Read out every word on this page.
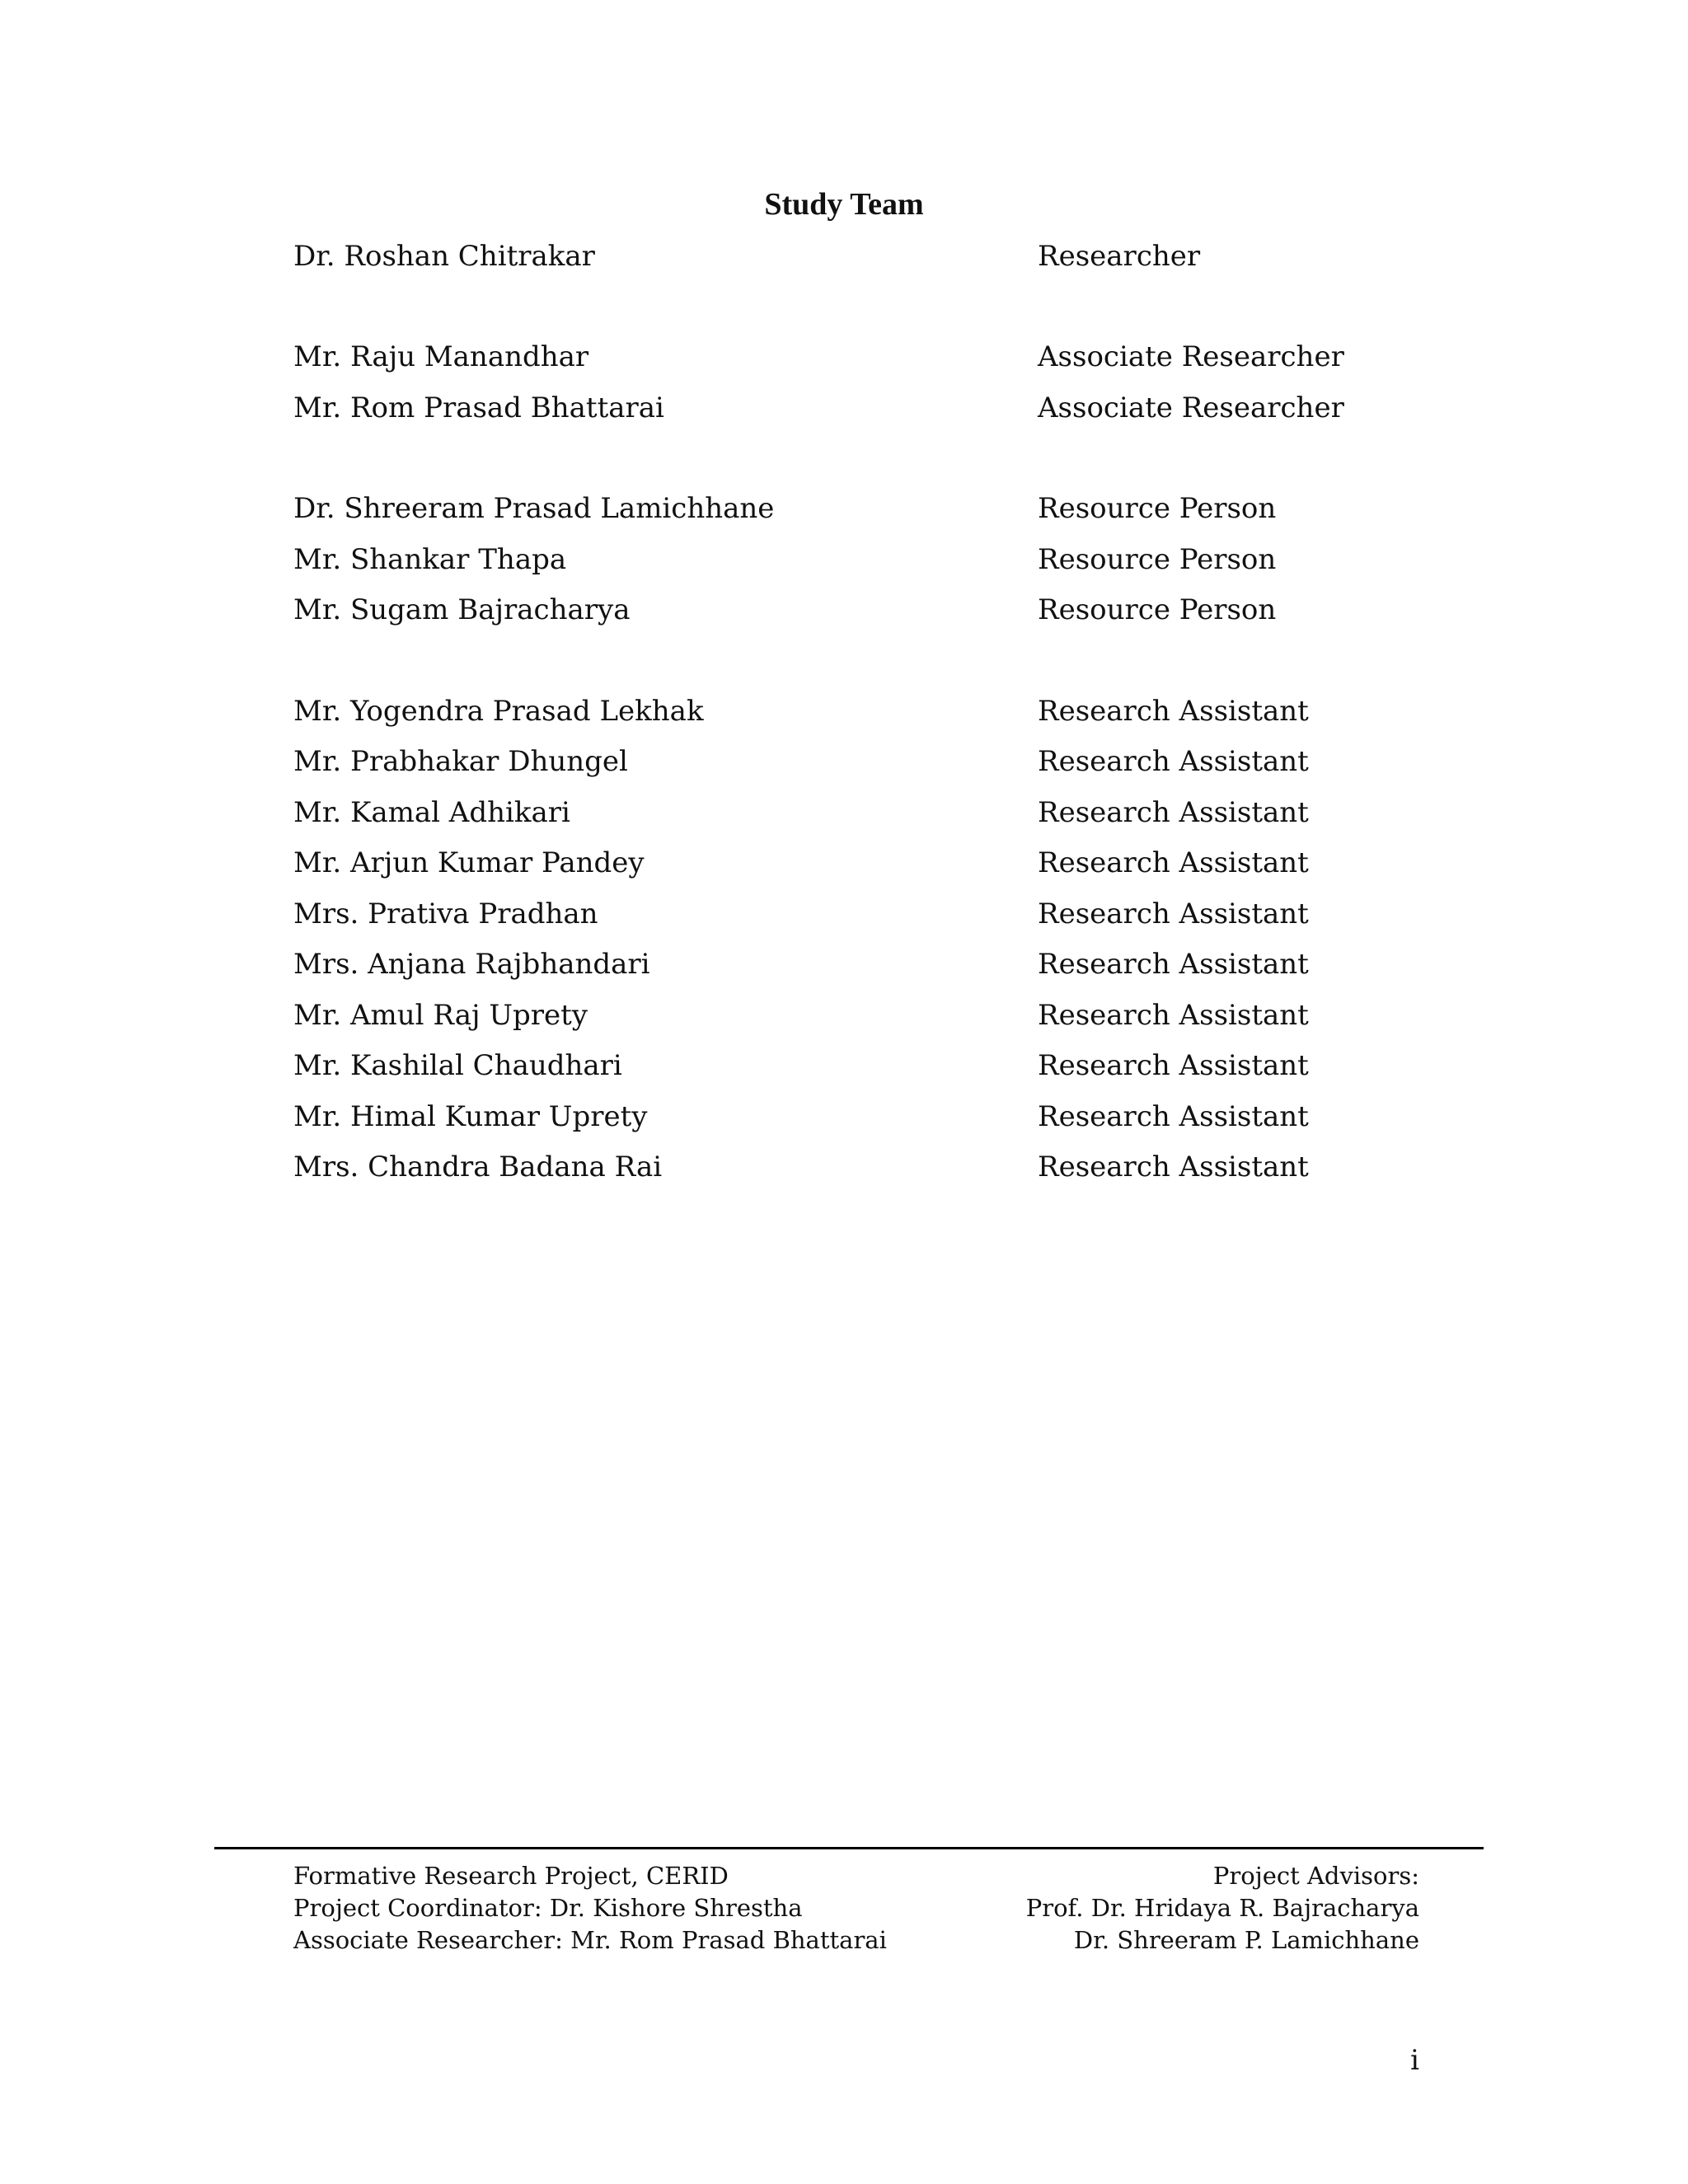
Study Team
Dr. Roshan Chitrakar	Researcher
Mr. Raju Manandhar	Associate Researcher
Mr. Rom Prasad Bhattarai	Associate Researcher
Dr. Shreeram Prasad Lamichhane	Resource Person
Mr. Shankar Thapa	Resource Person
Mr. Sugam Bajracharya	Resource Person
Mr. Yogendra Prasad Lekhak	Research Assistant
Mr. Prabhakar Dhungel	Research Assistant
Mr. Kamal Adhikari	Research Assistant
Mr. Arjun Kumar Pandey	Research Assistant
Mrs. Prativa Pradhan	Research Assistant
Mrs. Anjana Rajbhandari	Research Assistant
Mr. Amul Raj Uprety	Research Assistant
Mr. Kashilal Chaudhari	Research Assistant
Mr. Himal Kumar Uprety	Research Assistant
Mrs. Chandra Badana Rai	Research Assistant
Formative Research Project, CERID
Project Coordinator: Dr. Kishore Shrestha
Associate Researcher: Mr. Rom Prasad Bhattarai
Project Advisors:
Prof. Dr. Hridaya R. Bajracharya
Dr. Shreeram P. Lamichhane
i
